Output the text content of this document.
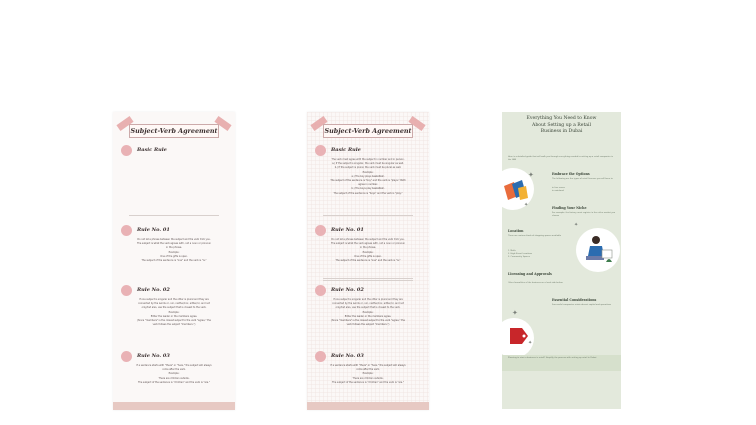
Subject-Verb Agreement
Basic Rule
Rule No. 01
Do not let a phrase between the subject and the verb trick you.
The subject is what the verb agrees with, not a noun or pronoun
in the phrase.
Example:
One of the gifts is open.
The subject of the sentence is "one" and the verb is "is."
Rule No. 02
If one subject is singular and the other is plural and they are
connected by the words or, nor, neither/nor, either/or, and not
only/but also, use the subject that is closest to the verb.
Example:
Either the leader or the members agree.
(Since "members" is the closest subject to the verb "agree," the
verb follows the subject "members.")
Rule No. 03
If a sentence starts with "there" or "here," the subject will always
come after the verb.
Example:
There are children outside.
The subject of the sentence is "children" and the verb is "are."
Subject-Verb Agreement
Basic Rule
The verb must agree with the subject in number and in person.
a.) If the subject is singular, the verb must be singular as well.
b.) If the subject is plural, the verb must be plural as well.
Example:
a.) The boy plays basketball.
The subject of the sentence is "boy" and the verb is "plays." Both
agree in number.
b.) The boys play basketball.
The subject of the sentence is "boys" and the verb is "play."
Rule No. 01
Do not let a phrase between the subject and the verb trick you.
The subject is what the verb agrees with, not a noun or pronoun
in the phrase.
Example:
One of the gifts is open.
The subject of the sentence is "one" and the verb is "is."
Rule No. 02
If one subject is singular and the other is plural and they are
connected by the words or, nor, neither/nor, either/or, and not
only/but also, use the subject that is closest to the verb.
Example:
Either the leader or the members agree.
(Since "members" is the closest subject to the verb "agree," the
verb follows the subject "members.")
Rule No. 03
If a sentence starts with "there" or "here," the subject will always
come after the verb.
Example:
There are children outside.
The subject of the sentence is "children" and the verb is "are."
Everything You Need to Know
About Setting up a Retail
Business in Dubai
Here is a detailed guide that will walk you through everything needed to setting up a retail companies in the UAE
✦
✦
Embrace the Options
The following are the types of retail licenses you will have to
in free zones
in mainland
Finding Your Niche
For example, the factory must register in the niche market you choose
Location
There are various kinds of shopping spaces available
1. Malls
2. High-Street Locations
3. Community Spaces
✦
Licensing and Approvals
Other formalities of the business on a local side before
Essential Considerations
Successful companies retain decent capital and operations
✦
✦
Planning to start a business in retail? Simplify the process with setting up retail in Dubai
